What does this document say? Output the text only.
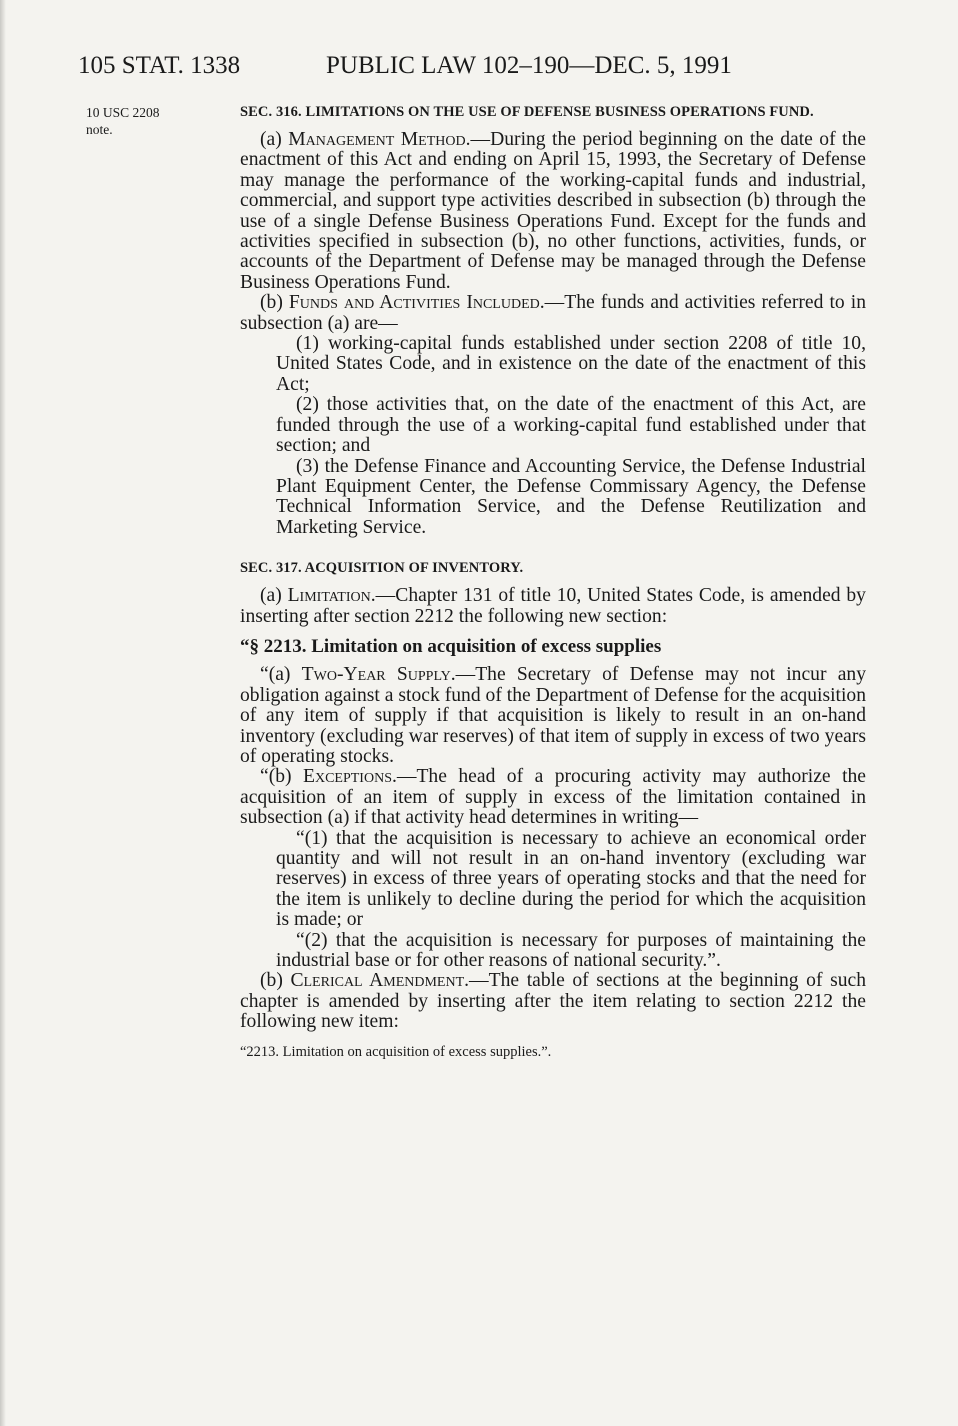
105 STAT. 1338	PUBLIC LAW 102–190—DEC. 5, 1991
10 USC 2208
note.

SEC. 316. LIMITATIONS ON THE USE OF DEFENSE BUSINESS OPERATIONS FUND.

(a) Management Method.—During the period beginning on the date of the enactment of this Act and ending on April 15, 1993, the Secretary of Defense may manage the performance of the working-capital funds and industrial, commercial, and support type activities described in subsection (b) through the use of a single Defense Business Operations Fund. Except for the funds and activities specified in subsection (b), no other functions, activities, funds, or accounts of the Department of Defense may be managed through the Defense Business Operations Fund.

(b) Funds and Activities Included.—The funds and activities referred to in subsection (a) are—

(1) working-capital funds established under section 2208 of title 10, United States Code, and in existence on the date of the enactment of this Act;

(2) those activities that, on the date of the enactment of this Act, are funded through the use of a working-capital fund established under that section; and

(3) the Defense Finance and Accounting Service, the Defense Industrial Plant Equipment Center, the Defense Commissary Agency, the Defense Technical Information Service, and the Defense Reutilization and Marketing Service.

SEC. 317. ACQUISITION OF INVENTORY.

(a) Limitation.—Chapter 131 of title 10, United States Code, is amended by inserting after section 2212 the following new section:

“§ 2213. Limitation on acquisition of excess supplies

“(a) Two-Year Supply.—The Secretary of Defense may not incur any obligation against a stock fund of the Department of Defense for the acquisition of any item of supply if that acquisition is likely to result in an on-hand inventory (excluding war reserves) of that item of supply in excess of two years of operating stocks.

“(b) Exceptions.—The head of a procuring activity may authorize the acquisition of an item of supply in excess of the limitation contained in subsection (a) if that activity head determines in writing—

“(1) that the acquisition is necessary to achieve an economical order quantity and will not result in an on-hand inventory (excluding war reserves) in excess of three years of operating stocks and that the need for the item is unlikely to decline during the period for which the acquisition is made; or

“(2) that the acquisition is necessary for purposes of maintaining the industrial base or for other reasons of national security.”.

(b) Clerical Amendment.—The table of sections at the beginning of such chapter is amended by inserting after the item relating to section 2212 the following new item:

“2213. Limitation on acquisition of excess supplies.”.
